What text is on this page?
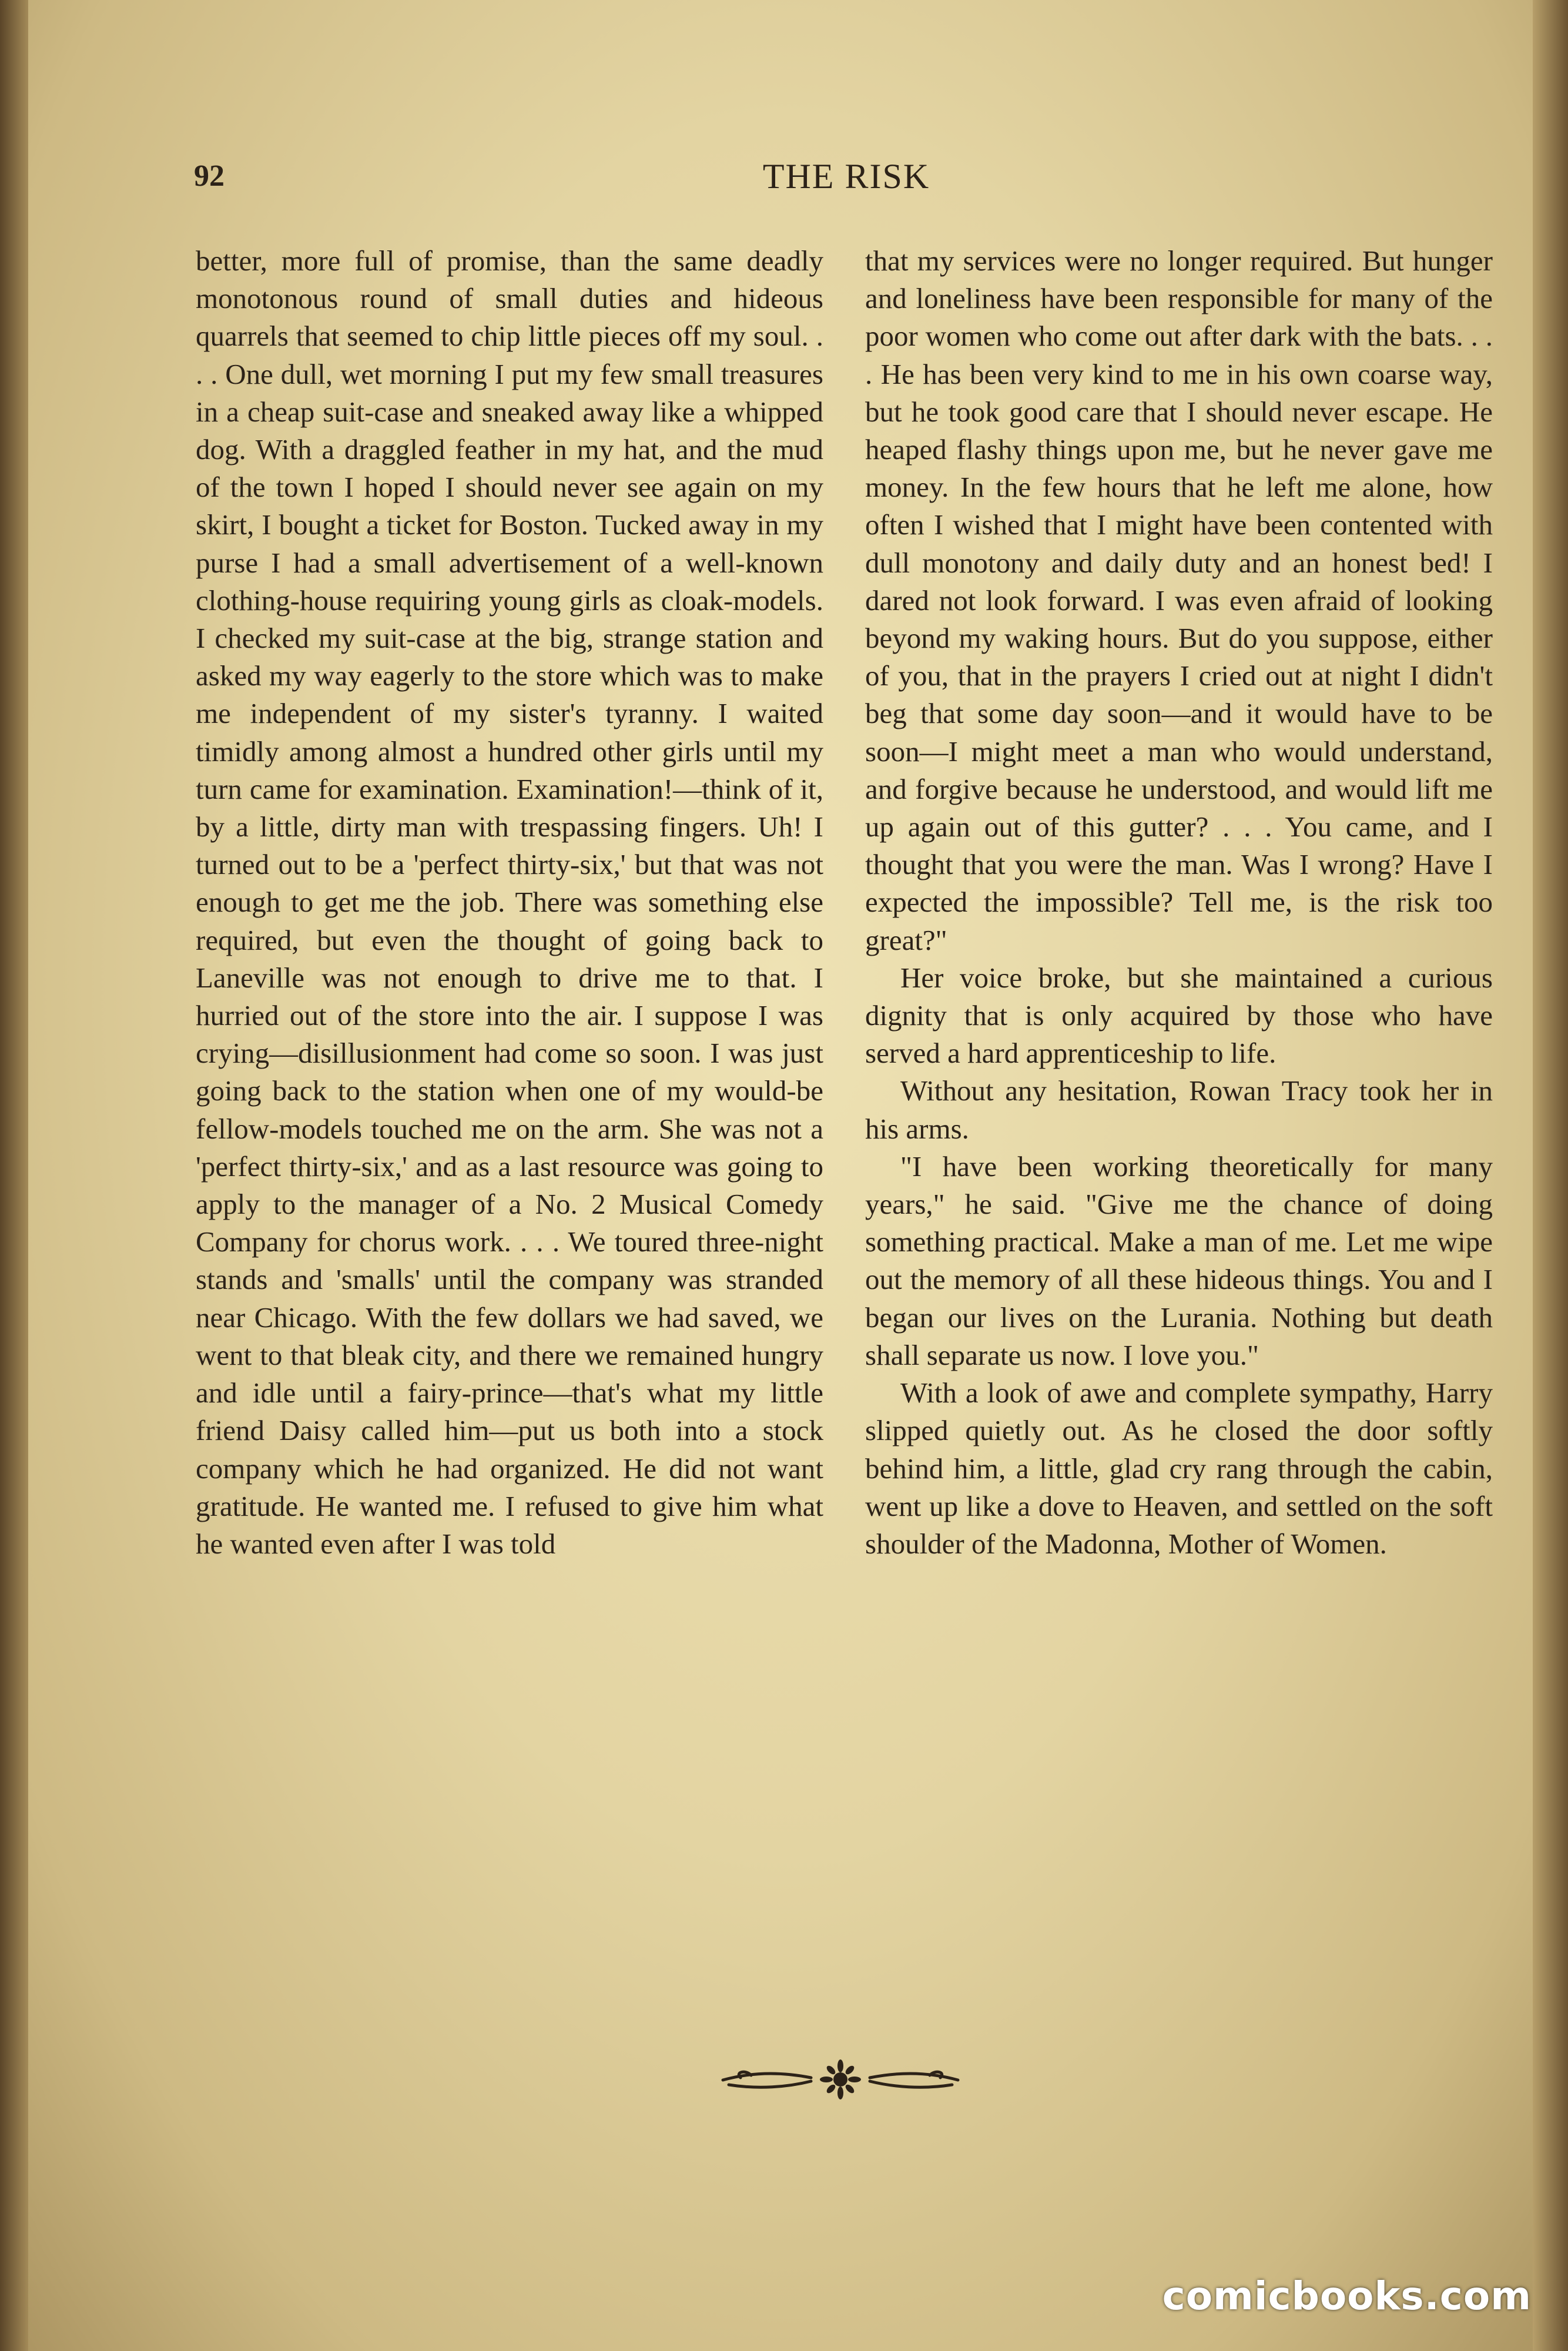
92	THE RISK

better, more full of promise, than the same deadly monotonous round of small duties and hideous quarrels that seemed to chip little pieces off my soul. . . . One dull, wet morning I put my few small treasures in a cheap suit-case and sneaked away like a whipped dog. With a draggled feather in my hat, and the mud of the town I hoped I should never see again on my skirt, I bought a ticket for Boston. Tucked away in my purse I had a small advertisement of a well-known clothing-house requiring young girls as cloak-models. I checked my suit-case at the big, strange station and asked my way eagerly to the store which was to make me independent of my sister's tyranny. I waited timidly among almost a hundred other girls until my turn came for examination. Examination!—think of it, by a little, dirty man with trespassing fingers. Uh! I turned out to be a 'perfect thirty-six,' but that was not enough to get me the job. There was something else required, but even the thought of going back to Laneville was not enough to drive me to that. I hurried out of the store into the air. I suppose I was crying—disillusionment had come so soon. I was just going back to the station when one of my would-be fellow-models touched me on the arm. She was not a 'perfect thirty-six,' and as a last resource was going to apply to the manager of a No. 2 Musical Comedy Company for chorus work. . . . We toured three-night stands and 'smalls' until the company was stranded near Chicago. With the few dollars we had saved, we went to that bleak city, and there we remained hungry and idle until a fairy-prince—that's what my little friend Daisy called him—put us both into a stock company which he had organized. He did not want gratitude. He wanted me. I refused to give him what he wanted even after I was told

that my services were no longer required. But hunger and loneliness have been responsible for many of the poor women who come out after dark with the bats. . . . He has been very kind to me in his own coarse way, but he took good care that I should never escape. He heaped flashy things upon me, but he never gave me money. In the few hours that he left me alone, how often I wished that I might have been contented with dull monotony and daily duty and an honest bed! I dared not look forward. I was even afraid of looking beyond my waking hours. But do you suppose, either of you, that in the prayers I cried out at night I didn't beg that some day soon—and it would have to be soon—I might meet a man who would understand, and forgive because he understood, and would lift me up again out of this gutter? . . . You came, and I thought that you were the man. Was I wrong? Have I expected the impossible? Tell me, is the risk too great?"

Her voice broke, but she maintained a curious dignity that is only acquired by those who have served a hard apprenticeship to life.

Without any hesitation, Rowan Tracy took her in his arms.

"I have been working theoretically for many years," he said. "Give me the chance of doing something practical. Make a man of me. Let me wipe out the memory of all these hideous things. You and I began our lives on the Lurania. Nothing but death shall separate us now. I love you."

With a look of awe and complete sympathy, Harry slipped quietly out. As he closed the door softly behind him, a little, glad cry rang through the cabin, went up like a dove to Heaven, and settled on the soft shoulder of the Madonna, Mother of Women.

comicbooks.com
